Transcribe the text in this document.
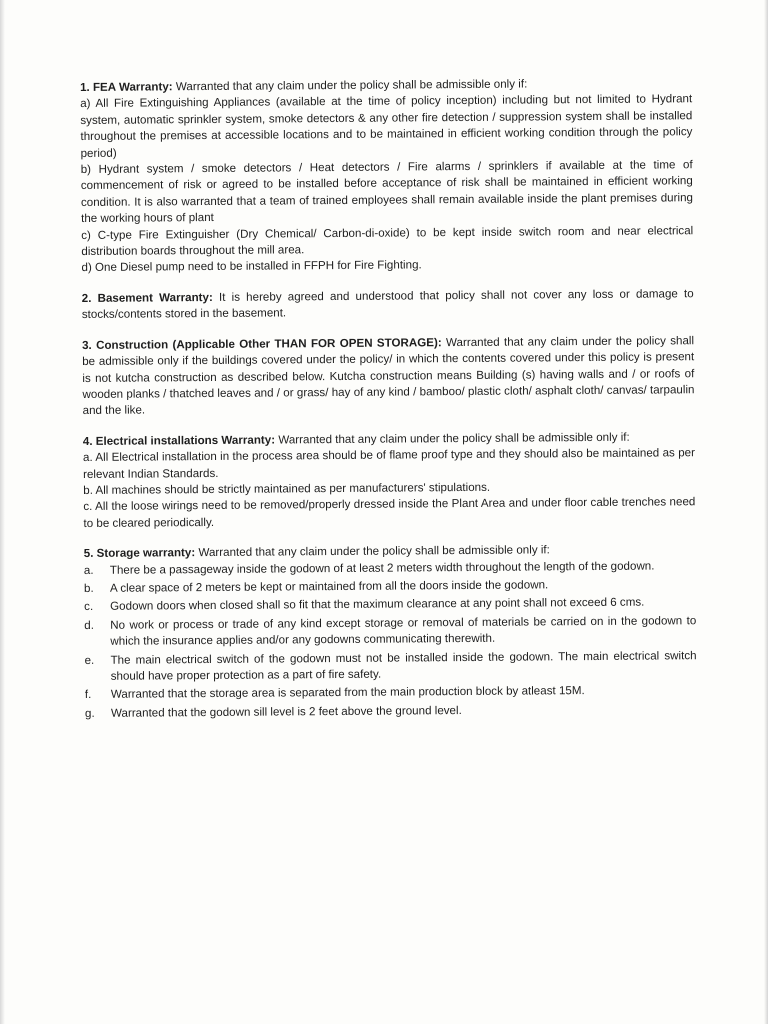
1. FEA Warranty: Warranted that any claim under the policy shall be admissible only if:

a) All Fire Extinguishing Appliances (available at the time of policy inception) including but not limited to Hydrant system, automatic sprinkler system, smoke detectors & any other fire detection / suppression system shall be installed throughout the premises at accessible locations and to be maintained in efficient working condition through the policy period)

b) Hydrant system / smoke detectors / Heat detectors / Fire alarms / sprinklers if available at the time of commencement of risk or agreed to be installed before acceptance of risk shall be maintained in efficient working condition. It is also warranted that a team of trained employees shall remain available inside the plant premises during the working hours of plant

c) C-type Fire Extinguisher (Dry Chemical/ Carbon-di-oxide) to be kept inside switch room and near electrical distribution boards throughout the mill area.

d) One Diesel pump need to be installed in FFPH for Fire Fighting.

2. Basement Warranty: It is hereby agreed and understood that policy shall not cover any loss or damage to stocks/contents stored in the basement.

3. Construction (Applicable Other THAN FOR OPEN STORAGE): Warranted that any claim under the policy shall be admissible only if the buildings covered under the policy/ in which the contents covered under this policy is present is not kutcha construction as described below. Kutcha construction means Building (s) having walls and / or roofs of wooden planks / thatched leaves and / or grass/ hay of any kind / bamboo/ plastic cloth/ asphalt cloth/ canvas/ tarpaulin and the like.

4. Electrical installations Warranty: Warranted that any claim under the policy shall be admissible only if:

a. All Electrical installation in the process area should be of flame proof type and they should also be maintained as per relevant Indian Standards.

b. All machines should be strictly maintained as per manufacturers' stipulations.

c. All the loose wirings need to be removed/properly dressed inside the Plant Area and under floor cable trenches need to be cleared periodically.

5. Storage warranty: Warranted that any claim under the policy shall be admissible only if:

a.	There be a passageway inside the godown of at least 2 meters width throughout the length of the godown.
b.	A clear space of 2 meters be kept or maintained from all the doors inside the godown.
c.	Godown doors when closed shall so fit that the maximum clearance at any point shall not exceed 6 cms.
d.	No work or process or trade of any kind except storage or removal of materials be carried on in the godown to which the insurance applies and/or any godowns communicating therewith.
e.	The main electrical switch of the godown must not be installed inside the godown. The main electrical switch should have proper protection as a part of fire safety.
f.	Warranted that the storage area is separated from the main production block by atleast 15M.
g.	Warranted that the godown sill level is 2 feet above the ground level.
